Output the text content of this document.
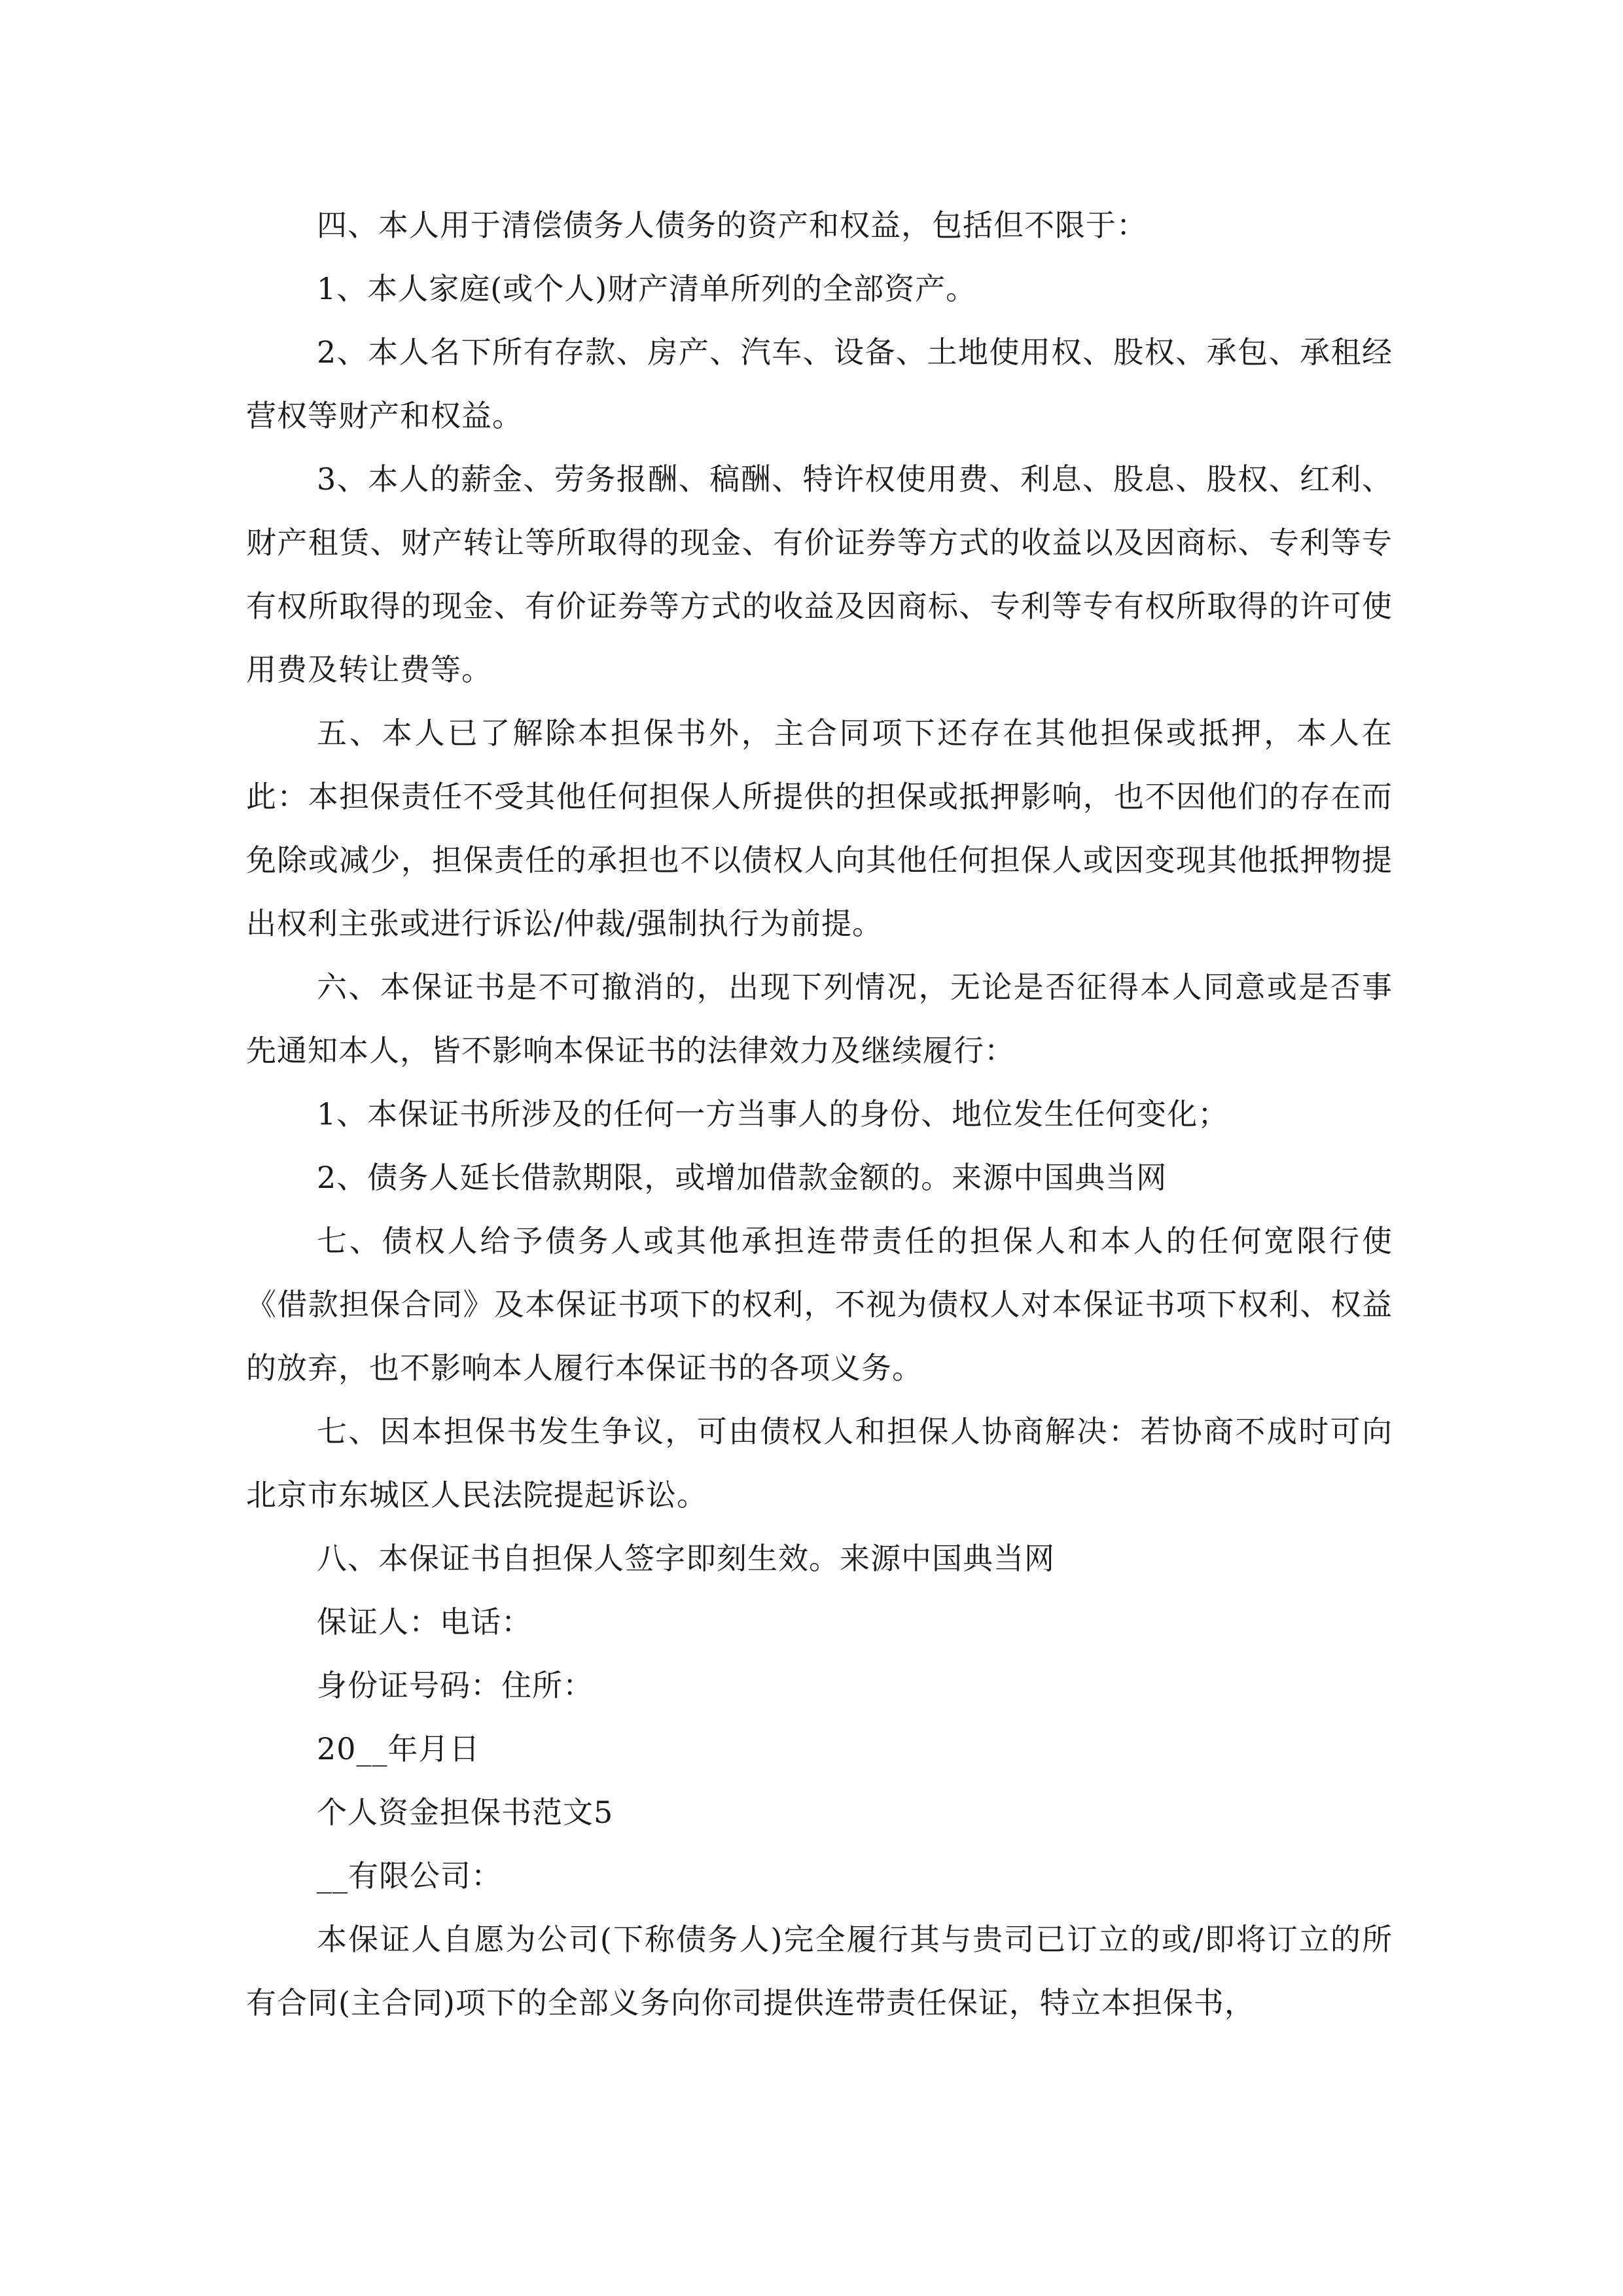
四、本人用于清偿债务人债务的资产和权益，包括但不限于：

1、本人家庭(或个人)财产清单所列的全部资产。

2、本人名下所有存款、房产、汽车、设备、土地使用权、股权、承包、承租经营权等财产和权益。

3、本人的薪金、劳务报酬、稿酬、特许权使用费、利息、股息、股权、红利、财产租赁、财产转让等所取得的现金、有价证券等方式的收益以及因商标、专利等专有权所取得的现金、有价证券等方式的收益及因商标、专利等专有权所取得的许可使用费及转让费等。

五、本人已了解除本担保书外，主合同项下还存在其他担保或抵押，本人在此：本担保责任不受其他任何担保人所提供的担保或抵押影响，也不因他们的存在而免除或减少，担保责任的承担也不以债权人向其他任何担保人或因变现其他抵押物提出权利主张或进行诉讼/仲裁/强制执行为前提。

六、本保证书是不可撤消的，出现下列情况，无论是否征得本人同意或是否事先通知本人，皆不影响本保证书的法律效力及继续履行：

1、本保证书所涉及的任何一方当事人的身份、地位发生任何变化；

2、债务人延长借款期限，或增加借款金额的。来源中国典当网

七、债权人给予债务人或其他承担连带责任的担保人和本人的任何宽限行使《借款担保合同》及本保证书项下的权利，不视为债权人对本保证书项下权利、权益的放弃，也不影响本人履行本保证书的各项义务。

七、因本担保书发生争议，可由债权人和担保人协商解决：若协商不成时可向北京市东城区人民法院提起诉讼。

八、本保证书自担保人签字即刻生效。来源中国典当网

保证人：电话：

身份证号码：住所：

20__年月日

个人资金担保书范文5

__有限公司：

本保证人自愿为公司(下称债务人)完全履行其与贵司已订立的或/即将订立的所有合同(主合同)项下的全部义务向你司提供连带责任保证，特立本担保书，
